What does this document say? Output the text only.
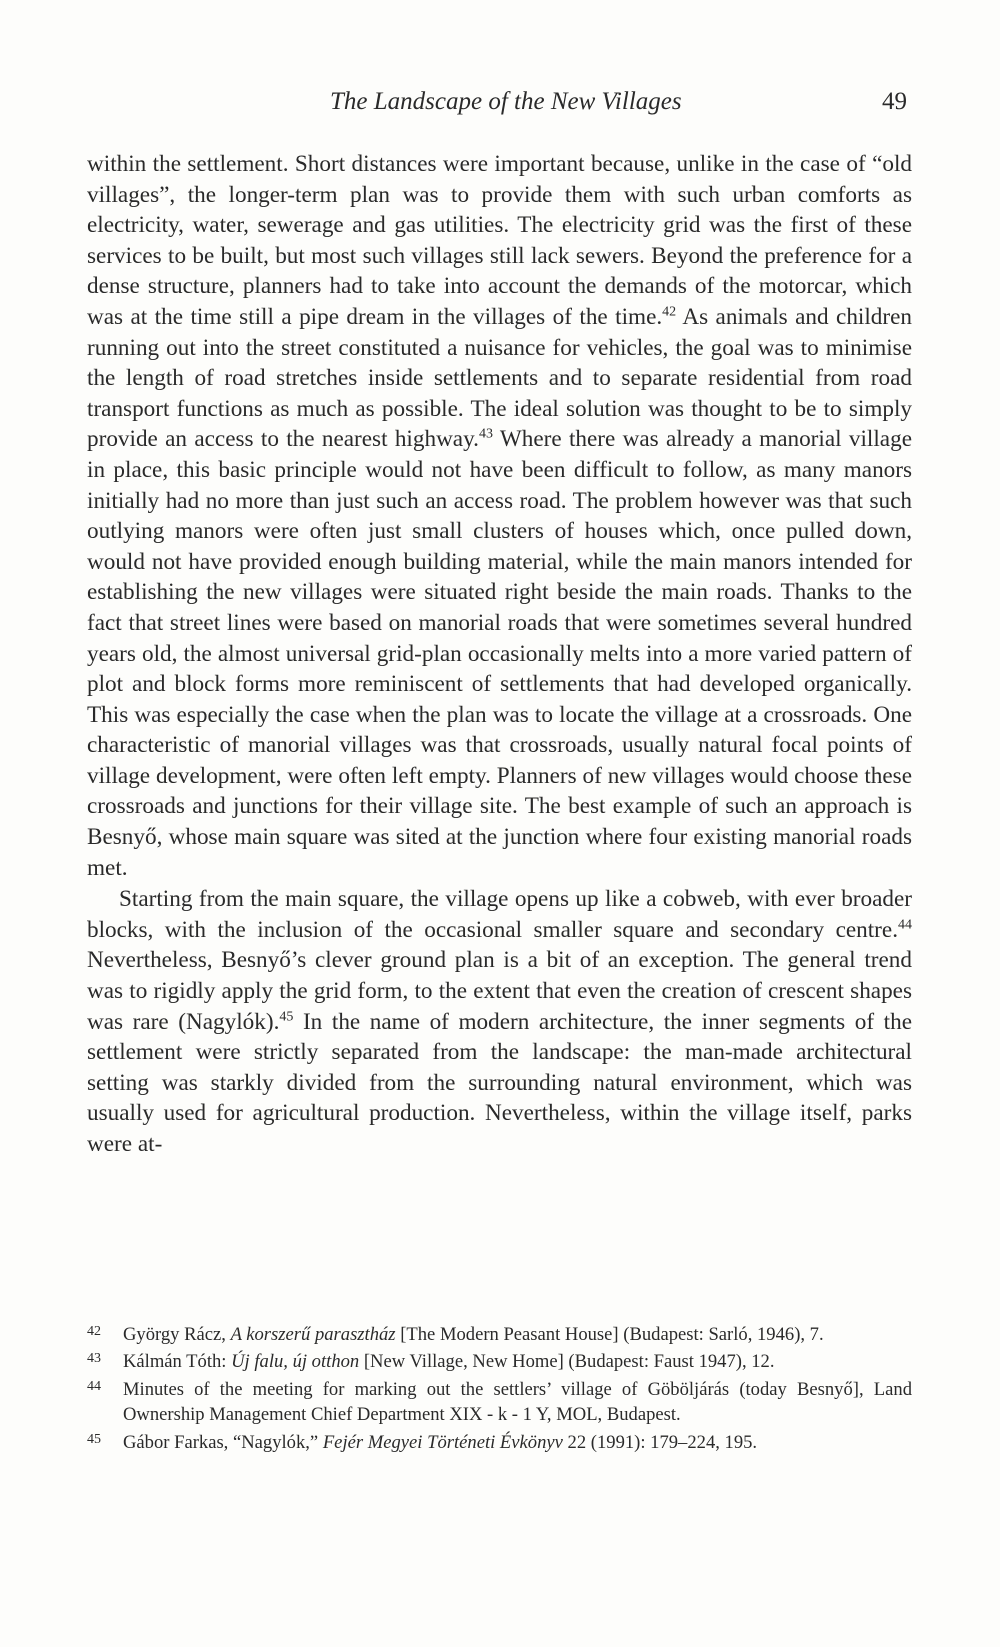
The Landscape of the New Villages	49

within the settlement. Short distances were important because, unlike in the case of “old villages”, the longer-term plan was to provide them with such urban comforts as electricity, water, sewerage and gas utilities. The electricity grid was the first of these services to be built, but most such villages still lack sewers. Beyond the preference for a dense structure, planners had to take into account the demands of the motorcar, which was at the time still a pipe dream in the villages of the time.$^{42}$ As animals and children running out into the street constituted a nuisance for vehicles, the goal was to minimise the length of road stretches inside settlements and to separate residential from road transport functions as much as possible. The ideal solution was thought to be to simply provide an access to the nearest highway.$^{43}$ Where there was already a manorial village in place, this basic principle would not have been difficult to follow, as many manors initially had no more than just such an access road. The problem however was that such outlying manors were often just small clusters of houses which, once pulled down, would not have provided enough building material, while the main manors intended for establishing the new villages were situated right beside the main roads. Thanks to the fact that street lines were based on manorial roads that were sometimes several hundred years old, the almost universal grid-plan occasionally melts into a more varied pattern of plot and block forms more reminiscent of settlements that had developed organically. This was especially the case when the plan was to locate the village at a crossroads. One characteristic of manorial villages was that crossroads, usually natural focal points of village development, were often left empty. Planners of new villages would choose these crossroads and junctions for their village site. The best example of such an approach is Besnyő, whose main square was sited at the junction where four existing manorial roads met.

Starting from the main square, the village opens up like a cobweb, with ever broader blocks, with the inclusion of the occasional smaller square and secondary centre.$^{44}$ Nevertheless, Besnyő’s clever ground plan is a bit of an exception. The general trend was to rigidly apply the grid form, to the extent that even the creation of crescent shapes was rare (Nagylók).$^{45}$ In the name of modern architecture, the inner segments of the settlement were strictly separated from the landscape: the man-made architectural setting was starkly divided from the surrounding natural environment, which was usually used for agricultural production. Nevertheless, within the village itself, parks were at-

42	György Rácz, A korszerű parasztház [The Modern Peasant House] (Budapest: Sarló, 1946), 7.
43	Kálmán Tóth: Új falu, új otthon [New Village, New Home] (Budapest: Faust 1947), 12.
44	Minutes of the meeting for marking out the settlers’ village of Göböljárás (today Besnyő], Land Ownership Management Chief Department XIX - k - 1 Y, MOL, Budapest.
45	Gábor Farkas, “Nagylók,” Fejér Megyei Történeti Évkönyv 22 (1991): 179–224, 195.
